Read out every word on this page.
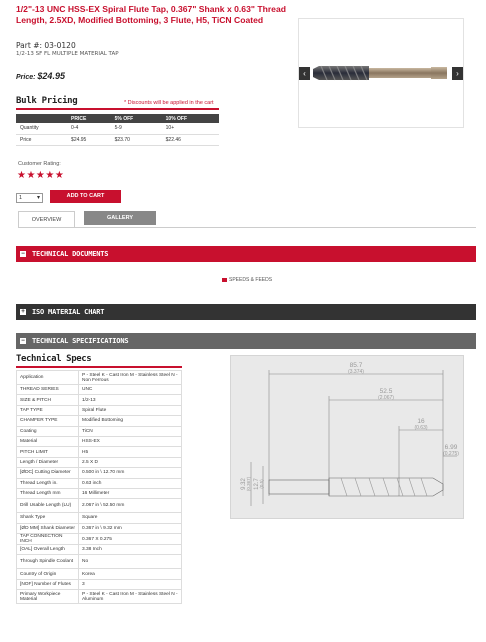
1/2"-13 UNC HSS-EX Spiral Flute Tap, 0.367" Shank x 0.63" Thread Length, 2.5XD, Modified Bottoming, 3 Flute, H5, TiCN Coated
Part #: 03-0120
1/2-13 SF FL MULTIPLE MATERIAL TAP
Price: $24.95	‹	›
Bulk Pricing	* Discounts will be applied in the cart
	PRICE	5% OFF	10% OFF
Quantity	0-4	5-9	10+
Price	$24.95	$23.70	$22.46
Customer Rating:
★★★★★
1 ▾	ADD TO CART
OVERVIEW	GALLERY
− TECHNICAL DOCUMENTS
SPEEDS & FEEDS
+ ISO MATERIAL CHART
− TECHNICAL SPECIFICATIONS
Technical Specs
Application	P - Steel K - Cast Iron M - Stainless Steel N - Non Ferrous
THREAD SERIES	UNC
SIZE & PITCH	1/2-13
TAP TYPE	Spiral Flute
CHAMFER TYPE	Modified Bottoming
Coating	TiCN
Material	HSS-EX
PITCH LIMIT	H5
Length / Diameter	2.5 X D
[ØDC] Cutting Diameter	0.500 in \ 12.70 mm
Thread Length in.	0.63 inch
Thread Length mm	16 Millimeter
Drill Usable Length (LU)	2.067 in \ 52.50 mm
Shank Type	Square
[ØD MM] Shank Diameter	0.367 in \ 9.32 mm
TAP CONNECTION INCH	0.367 X 0.275
[OAL] Overall Length	3.38 Inch
Through Spindle Coolant	No
Country of Origin	Korea
[NOF] Number of Flutes	3
Primary Workpiece Material	P - Steel K - Cast Iron M - Stainless Steel N - Aluminum
85.7
(3.374)
52.5
(2.067)
16
(0.63)
6.99
(0.275)
9.32 (0.367) 12.7 (0.5)
